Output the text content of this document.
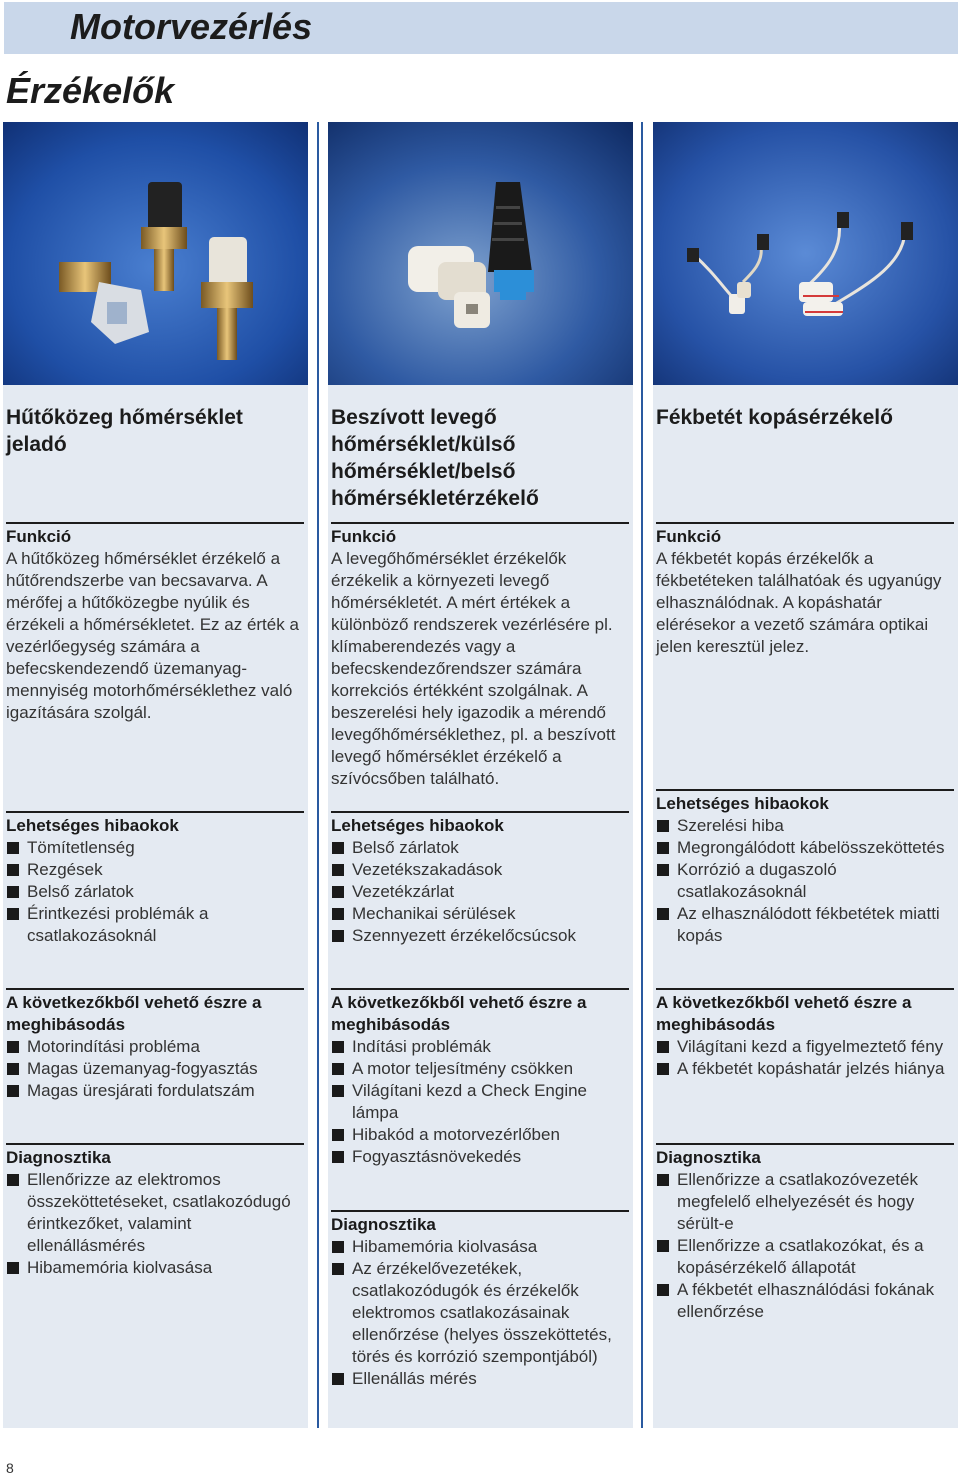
Motorvezérlés
Érzékelők
Hűtőközeg hőmérséklet jeladó

Funkció

A hűtőközeg hőmérséklet érzékelő a hűtőrendszerbe van becsavarva. A mérőfej a hűtőközegbe nyúlik és érzékeli a hőmérsékletet. Ez az érték a vezérlőegység számára a befecskendezendő üzemanyag-mennyiség motorhőmérséklethez való igazítására szolgál.

Lehetséges hibaokok

Tömítetlenség
Rezgések
Belső zárlatok
Érintkezési problémák a csatlakozásoknál

A következőkből vehető észre a meghibásodás

Motorindítási probléma
Magas üzemanyag-fogyasztás
Magas üresjárati fordulatszám

Diagnosztika

Ellenőrizze az elektromos összeköttetéseket, csatlakozódugó érintkezőket, valamint ellenállásmérés
Hibamemória kiolvasása
Beszívott levegő hőmérséklet/külső hőmérséklet/belső hőmérsékletérzékelő

Funkció

A levegőhőmérséklet érzékelők érzékelik a környezeti levegő hőmérsékletét. A mért értékek a különböző rendszerek vezérlésére pl. klímaberendezés vagy a befecskendezőrendszer számára korrekciós értékként szolgálnak. A beszerelési hely igazodik a mérendő levegőhőmérséklethez, pl. a beszívott levegő hőmérséklet érzékelő a szívócsőben található.

Lehetséges hibaokok

Belső zárlatok
Vezetékszakadások
Vezetékzárlat
Mechanikai sérülések
Szennyezett érzékelőcsúcsok

A következőkből vehető észre a meghibásodás

Indítási problémák
A motor teljesítmény csökken
Világítani kezd a Check Engine lámpa
Hibakód a motorvezérlőben
Fogyasztásnövekedés

Diagnosztika

Hibamemória kiolvasása
Az érzékelővezetékek, csatlakozódugók és érzékelők elektromos csatlakozásainak ellenőrzése (helyes összeköttetés, törés és korrózió szempontjából)
Ellenállás mérés
Fékbetét kopásérzékelő

Funkció

A fékbetét kopás érzékelők a fékbetéteken találhatóak és ugyanúgy elhasználódnak. A kopáshatár elérésekor a vezető számára optikai jelen keresztül jelez.

Lehetséges hibaokok

Szerelési hiba
Megrongálódott kábelösszeköttetés
Korrózió a dugaszoló csatlakozásoknál
Az elhasználódott fékbetétek miatti kopás

A következőkből vehető észre a meghibásodás

Világítani kezd a figyelmeztető fény
A fékbetét kopáshatár jelzés hiánya

Diagnosztika

Ellenőrizze a csatlakozóvezeték megfelelő elhelyezését és hogy sérült-e
Ellenőrizze a csatlakozókat, és a kopásérzékelő állapotát
A fékbetét elhasználódási fokának ellenőrzése
8
